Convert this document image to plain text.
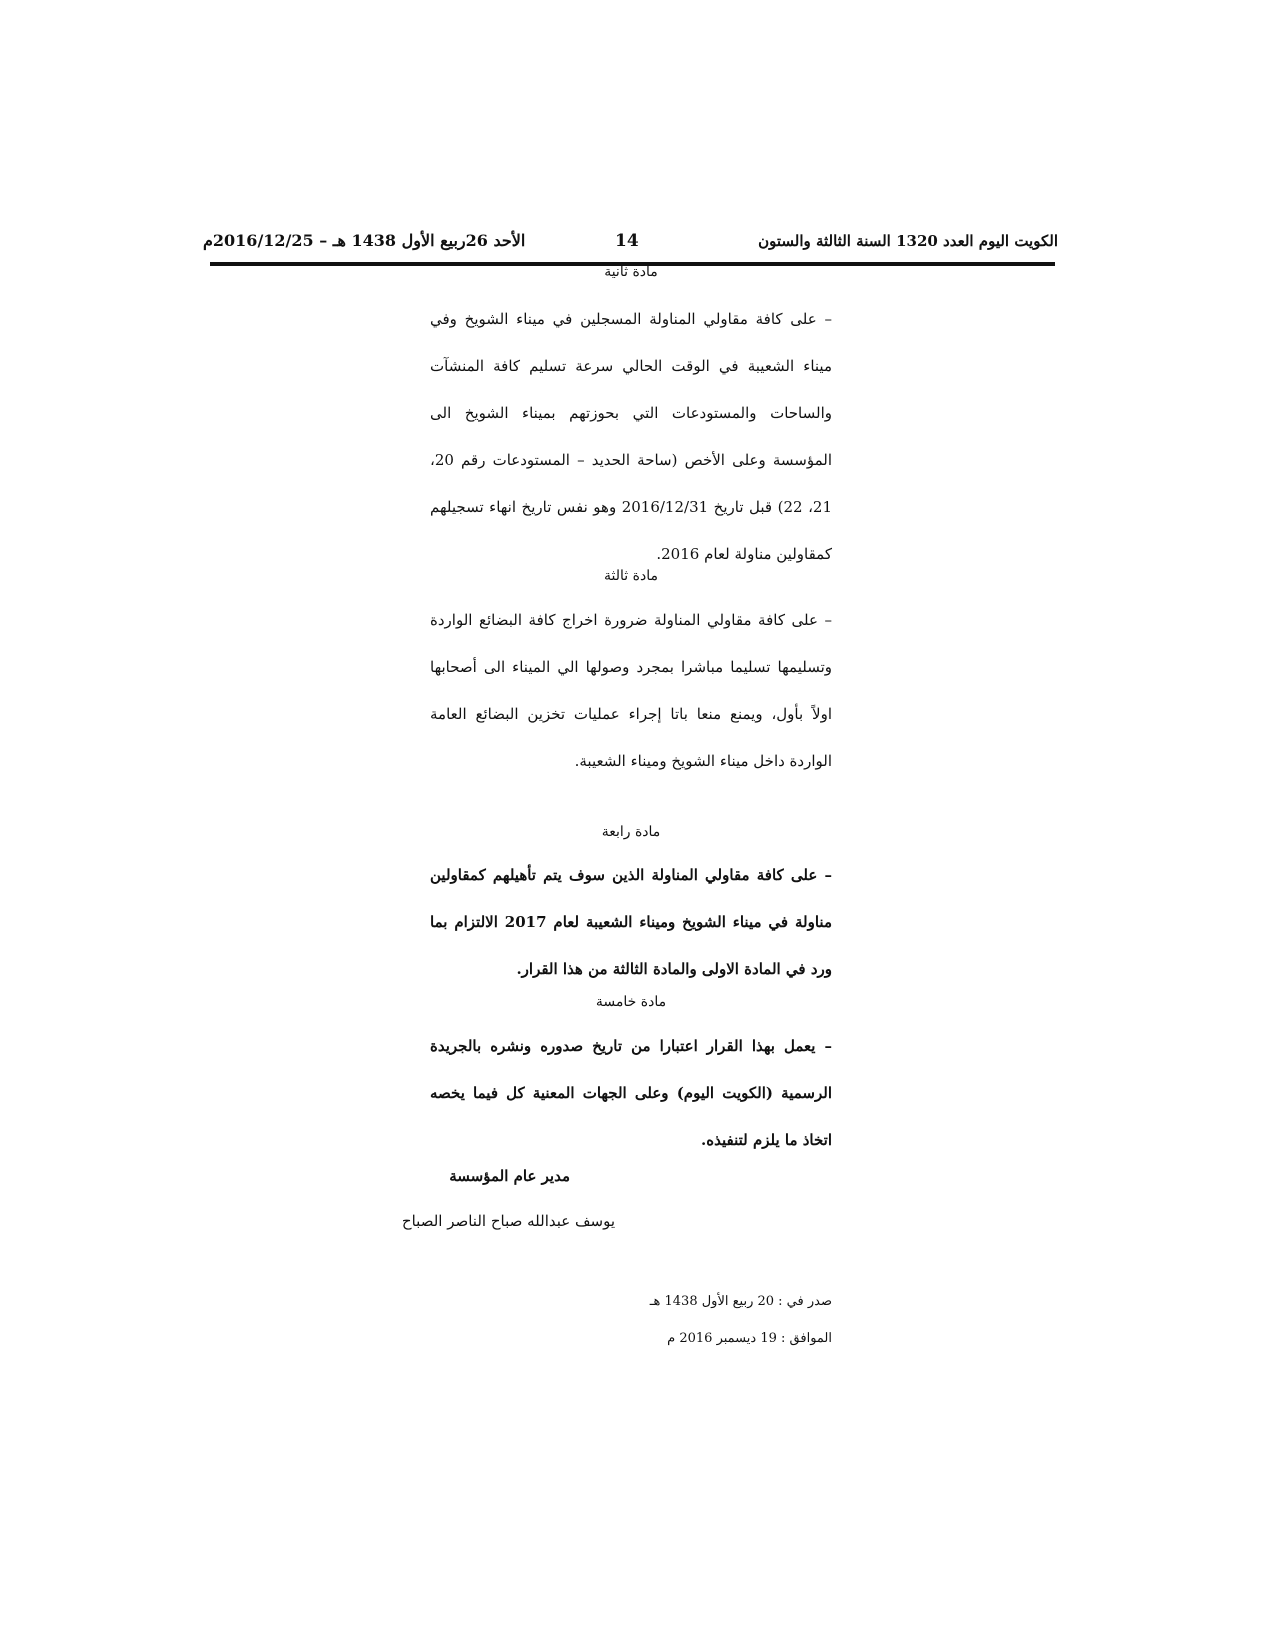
الكويت اليوم العدد 1320 السنة الثالثة والستون
14
الأحد 26ربيع الأول 1438 هـ – 2016/12/25م
مادة ثانية

– على كافة مقاولي المناولة المسجلين في ميناء الشويخ وفي ميناء الشعيبة في الوقت الحالي سرعة تسليم كافة المنشآت والساحات والمستودعات التي بحوزتهم بميناء الشويخ الى المؤسسة وعلى الأخص (ساحة الحديد – المستودعات رقم 20، 21، 22) قبل تاريخ 2016/12/31 وهو نفس تاريخ انهاء تسجيلهم كمقاولين مناولة لعام 2016.

مادة ثالثة

– على كافة مقاولي المناولة ضرورة اخراج كافة البضائع الواردة وتسليمها تسليما مباشرا بمجرد وصولها الي الميناء الى أصحابها اولاً بأول، ويمنع منعا باتا إجراء عمليات تخزين البضائع العامة الواردة داخل ميناء الشويخ وميناء الشعيبة.

مادة رابعة

– على كافة مقاولي المناولة الذين سوف يتم تأهيلهم كمقاولين مناولة في ميناء الشويخ وميناء الشعيبة لعام 2017 الالتزام بما ورد في المادة الاولى والمادة الثالثة من هذا القرار.

مادة خامسة

– يعمل بهذا القرار اعتبارا من تاريخ صدوره ونشره بالجريدة الرسمية (الكويت اليوم) وعلى الجهات المعنية كل فيما يخصه اتخاذ ما يلزم لتنفيذه.

مدير عام المؤسسة
يوسف عبدالله صباح الناصر الصباح
صدر في : 20 ربيع الأول 1438 هـ
الموافق : 19 ديسمبر 2016 م
